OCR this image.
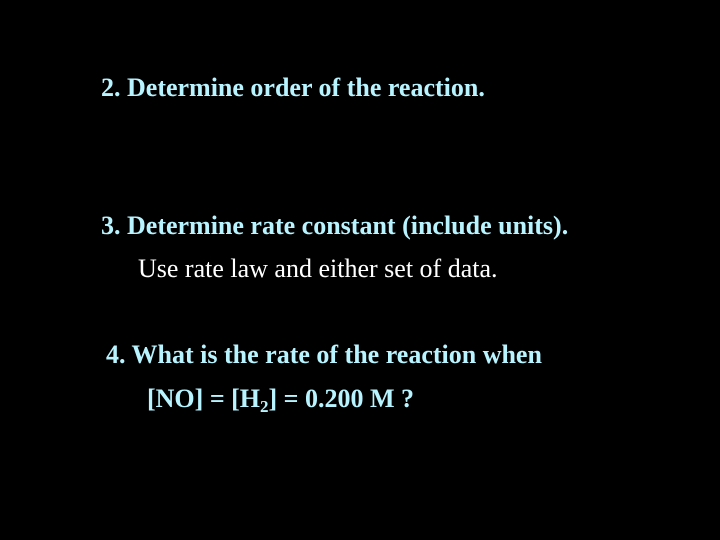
2. Determine order of the reaction.

3. Determine rate constant (include units).

Use rate law and either set of data.

4. What is the rate of the reaction when

$[NO] = [H_2] = 0.200$ M ?
